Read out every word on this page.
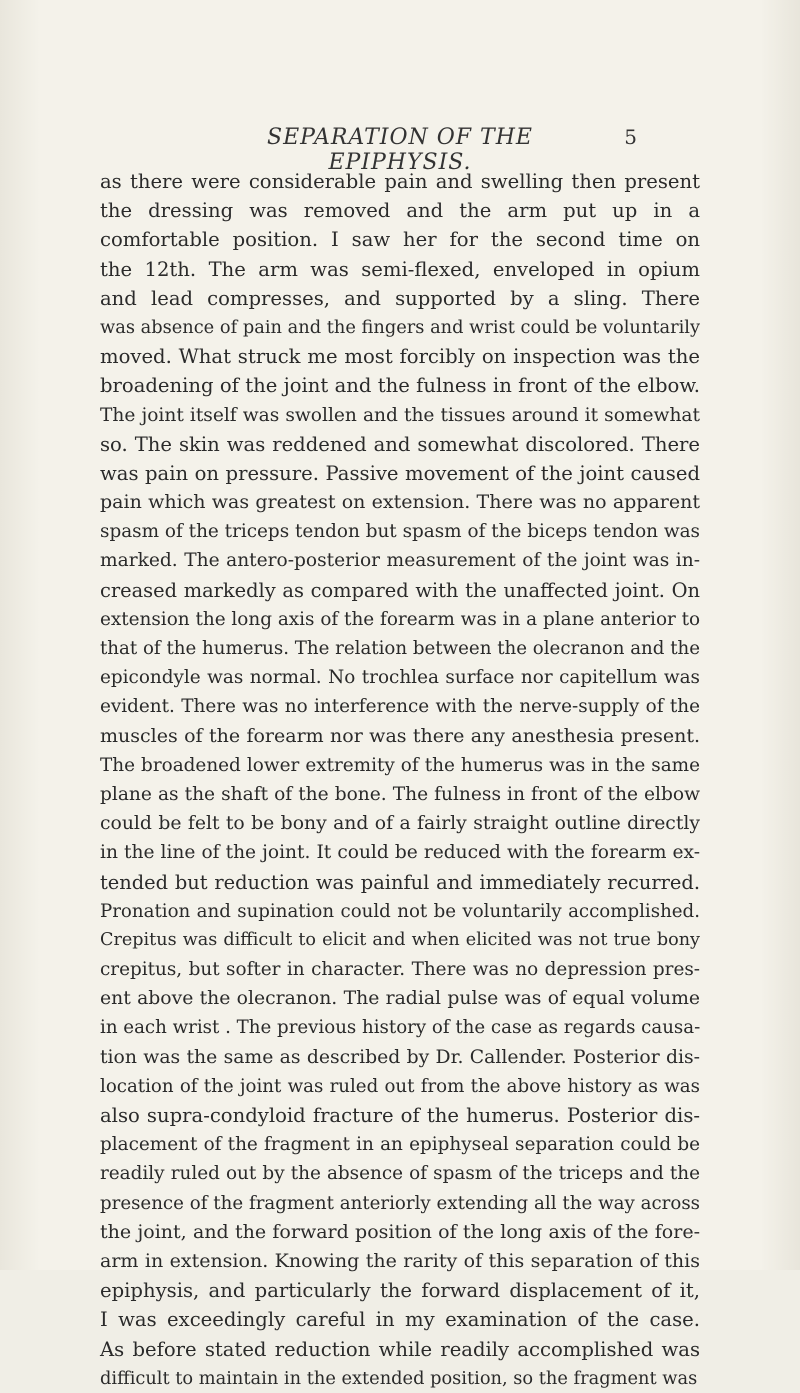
SEPARATION OF THE EPIPHYSIS.
5
as there were considerable pain and swelling then present
the dressing was removed and the arm put up in a
comfortable position. I saw her for the second time on
the 12th. The arm was semi-flexed, enveloped in opium
and lead compresses, and supported by a sling. There
was absence of pain and the fingers and wrist could be voluntarily
moved. What struck me most forcibly on inspection was the
broadening of the joint and the fulness in front of the elbow.
The joint itself was swollen and the tissues around it somewhat
so. The skin was reddened and somewhat discolored. There
was pain on pressure. Passive movement of the joint caused
pain which was greatest on extension. There was no apparent
spasm of the triceps tendon but spasm of the biceps tendon was
marked. The antero-posterior measurement of the joint was in-
creased markedly as compared with the unaffected joint. On
extension the long axis of the forearm was in a plane anterior to
that of the humerus. The relation between the olecranon and the
epicondyle was normal. No trochlea surface nor capitellum was
evident. There was no interference with the nerve-supply of the
muscles of the forearm nor was there any anesthesia present.
The broadened lower extremity of the humerus was in the same
plane as the shaft of the bone. The fulness in front of the elbow
could be felt to be bony and of a fairly straight outline directly
in the line of the joint. It could be reduced with the forearm ex-
tended but reduction was painful and immediately recurred.
Pronation and supination could not be voluntarily accomplished.
Crepitus was difficult to elicit and when elicited was not true bony
crepitus, but softer in character. There was no depression pres-
ent above the olecranon. The radial pulse was of equal volume
in each wrist . The previous history of the case as regards causa-
tion was the same as described by Dr. Callender. Posterior dis-
location of the joint was ruled out from the above history as was
also supra-condyloid fracture of the humerus. Posterior dis-
placement of the fragment in an epiphyseal separation could be
readily ruled out by the absence of spasm of the triceps and the
presence of the fragment anteriorly extending all the way across
the joint, and the forward position of the long axis of the fore-
arm in extension. Knowing the rarity of this separation of this
epiphysis, and particularly the forward displacement of it,
I was exceedingly careful in my examination of the case.
As before stated reduction while readily accomplished was
difficult to maintain in the extended position, so the fragment was
